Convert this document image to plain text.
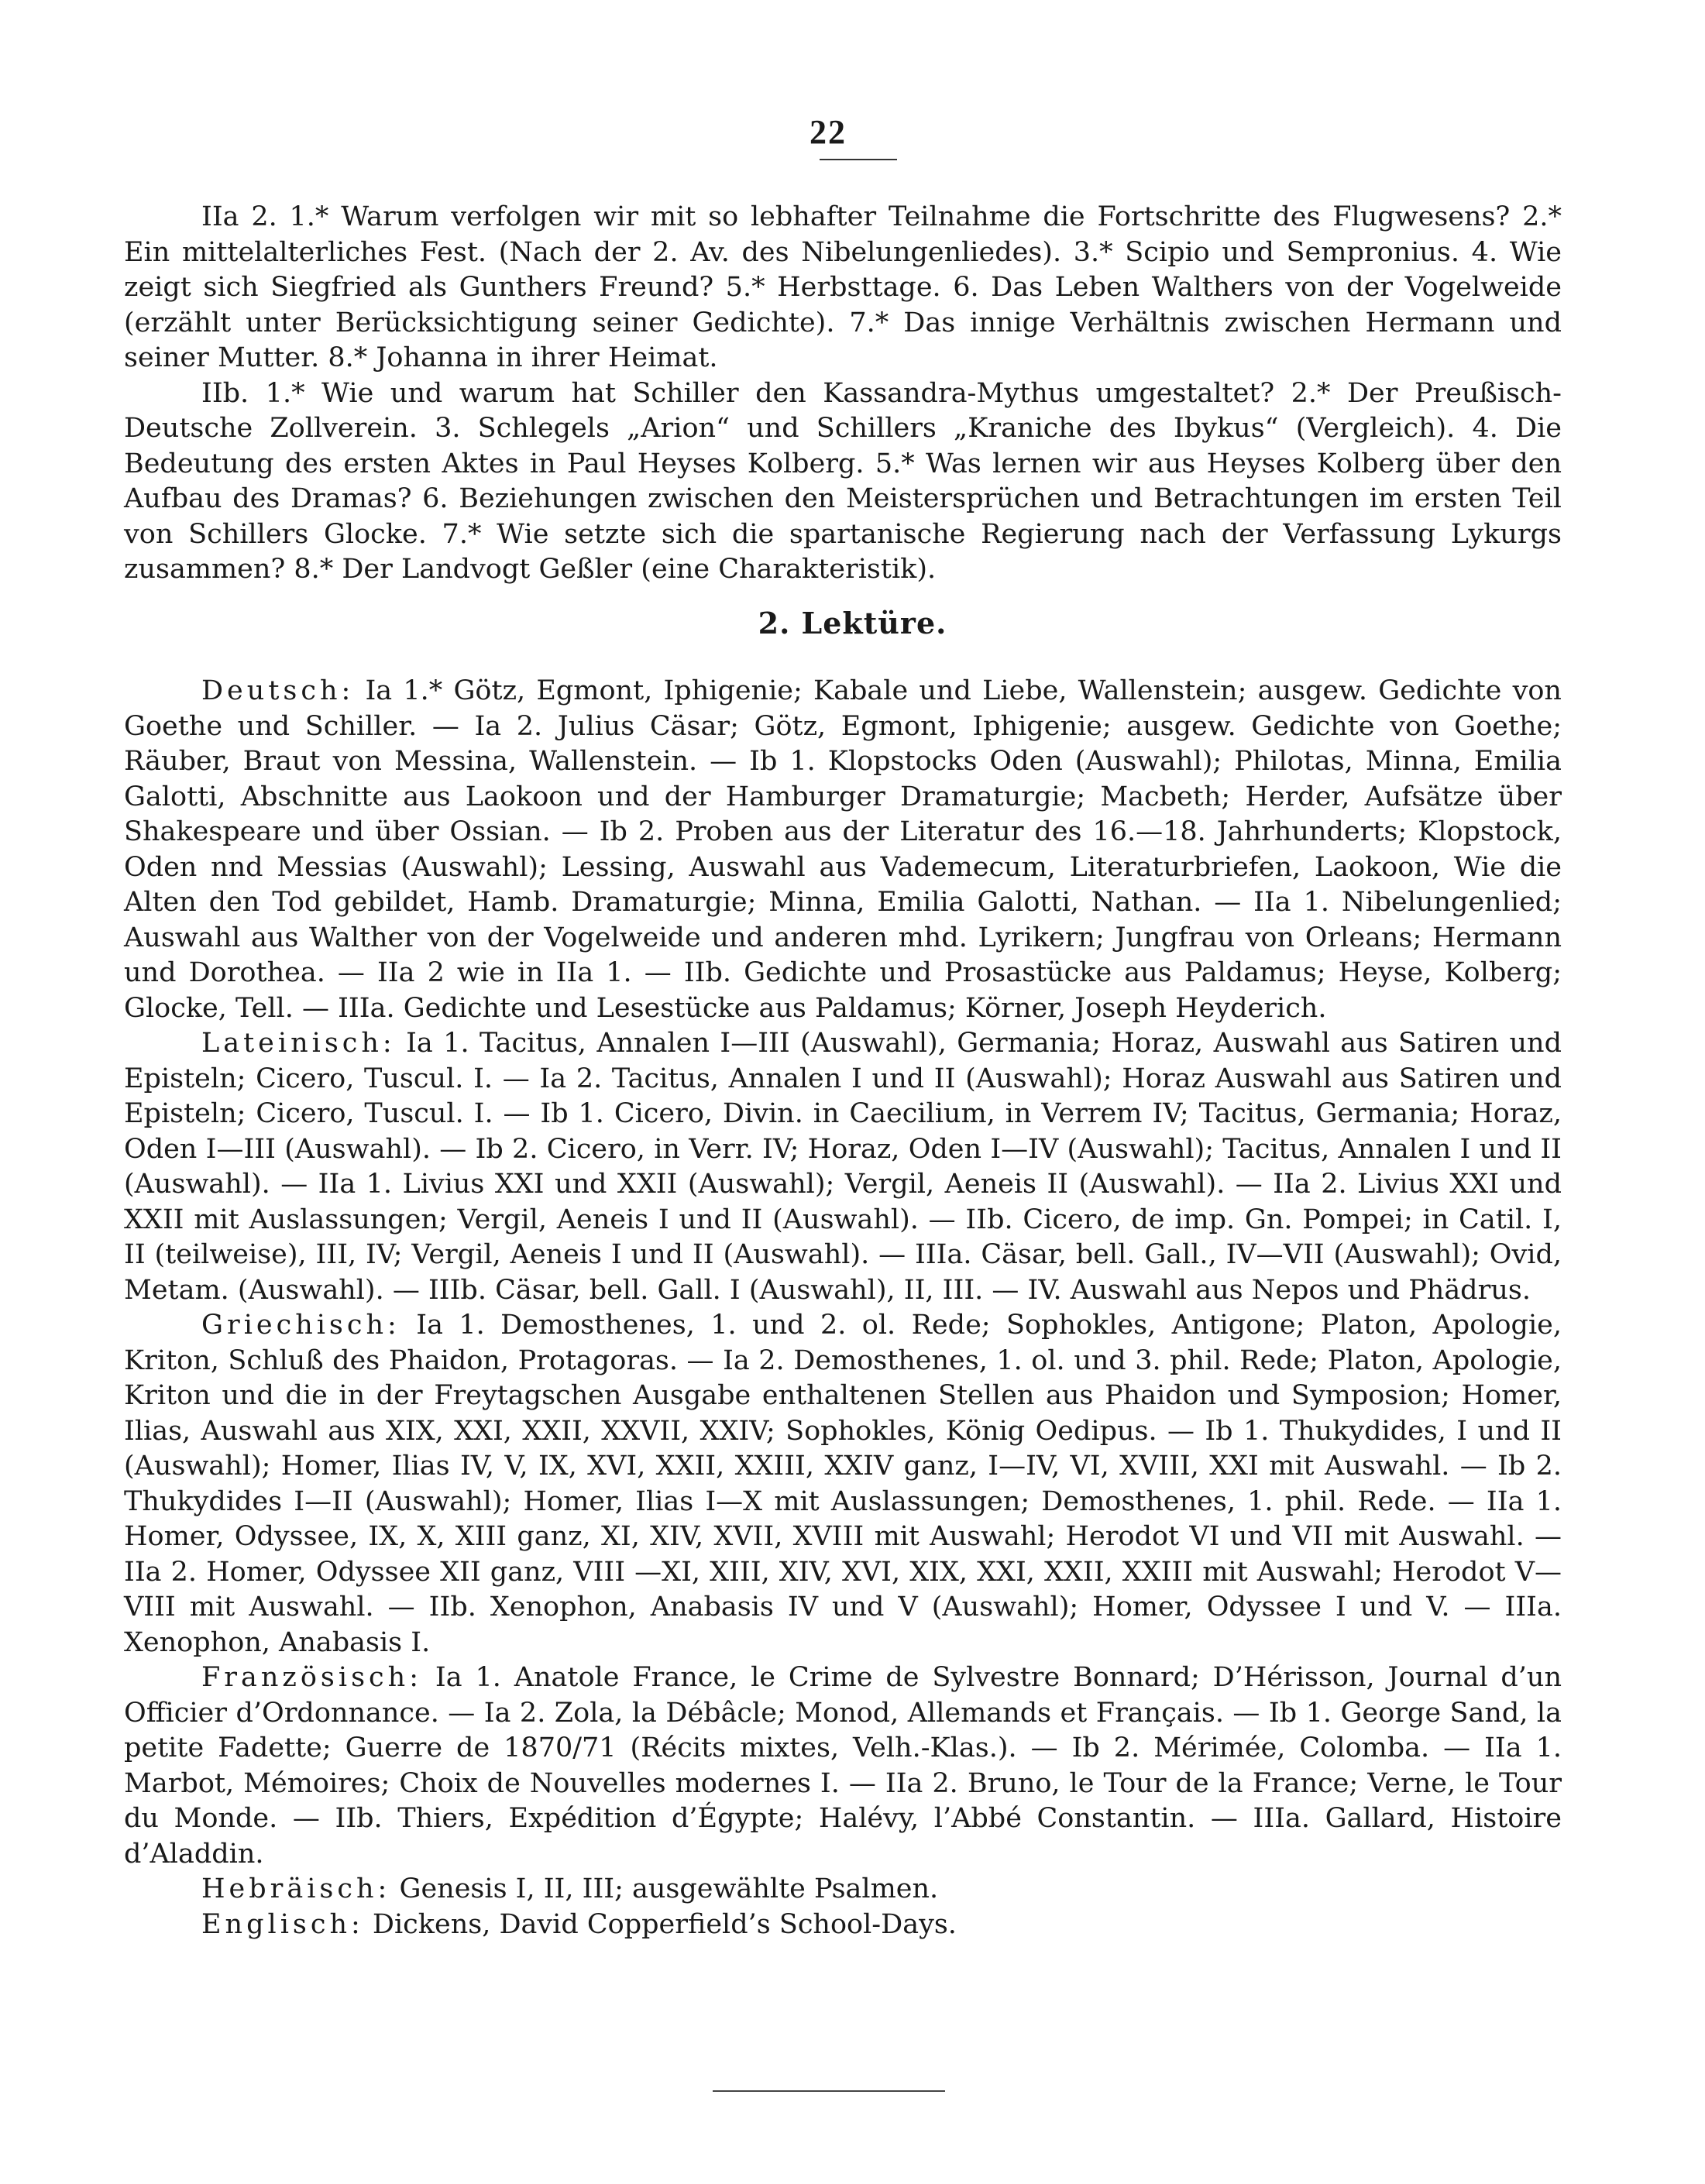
22

IIa 2. 1.* Warum verfolgen wir mit so lebhafter Teilnahme die Fortschritte des Flugwesens? 2.* Ein mittelalterliches Fest. (Nach der 2. Av. des Nibelungenliedes). 3.* Scipio und Sempronius. 4. Wie zeigt sich Siegfried als Gunthers Freund? 5.* Herbsttage. 6. Das Leben Walthers von der Vogelweide (erzählt unter Berücksichtigung seiner Gedichte). 7.* Das innige Verhältnis zwischen Hermann und seiner Mutter. 8.* Johanna in ihrer Heimat.

IIb. 1.* Wie und warum hat Schiller den Kassandra-Mythus umgestaltet? 2.* Der Preußisch-Deutsche Zollverein. 3. Schlegels „Arion“ und Schillers „Kraniche des Ibykus“ (Vergleich). 4. Die Bedeutung des ersten Aktes in Paul Heyses Kolberg. 5.* Was lernen wir aus Heyses Kolberg über den Aufbau des Dramas? 6. Beziehungen zwischen den Meistersprüchen und Betrachtungen im ersten Teil von Schillers Glocke. 7.* Wie setzte sich die spartanische Regierung nach der Verfassung Lykurgs zusammen? 8.* Der Landvogt Geßler (eine Charakteristik).

2. Lektüre.

Deutsch: Ia 1.* Götz, Egmont, Iphigenie; Kabale und Liebe, Wallenstein; ausgew. Gedichte von Goethe und Schiller. — Ia 2. Julius Cäsar; Götz, Egmont, Iphigenie; ausgew. Gedichte von Goethe; Räuber, Braut von Messina, Wallenstein. — Ib 1. Klopstocks Oden (Auswahl); Philotas, Minna, Emilia Galotti, Abschnitte aus Laokoon und der Hamburger Dramaturgie; Macbeth; Herder, Aufsätze über Shakespeare und über Ossian. — Ib 2. Proben aus der Literatur des 16.—18. Jahrhunderts; Klopstock, Oden nnd Messias (Auswahl); Lessing, Auswahl aus Vademecum, Literaturbriefen, Laokoon, Wie die Alten den Tod gebildet, Hamb. Dramaturgie; Minna, Emilia Galotti, Nathan. — IIa 1. Nibelungenlied; Auswahl aus Walther von der Vogelweide und anderen mhd. Lyrikern; Jungfrau von Orleans; Hermann und Dorothea. — IIa 2 wie in IIa 1. — IIb. Gedichte und Prosastücke aus Paldamus; Heyse, Kolberg; Glocke, Tell. — IIIa. Gedichte und Lesestücke aus Paldamus; Körner, Joseph Heyderich.

Lateinisch: Ia 1. Tacitus, Annalen I—III (Auswahl), Germania; Horaz, Auswahl aus Satiren und Episteln; Cicero, Tuscul. I. — Ia 2. Tacitus, Annalen I und II (Auswahl); Horaz Auswahl aus Satiren und Episteln; Cicero, Tuscul. I. — Ib 1. Cicero, Divin. in Caecilium, in Verrem IV; Tacitus, Germania; Horaz, Oden I—III (Auswahl). — Ib 2. Cicero, in Verr. IV; Horaz, Oden I—IV (Auswahl); Tacitus, Annalen I und II (Auswahl). — IIa 1. Livius XXI und XXII (Auswahl); Vergil, Aeneis II (Auswahl). — IIa 2. Livius XXI und XXII mit Auslassungen; Vergil, Aeneis I und II (Auswahl). — IIb. Cicero, de imp. Gn. Pompei; in Catil. I, II (teilweise), III, IV; Vergil, Aeneis I und II (Auswahl). — IIIa. Cäsar, bell. Gall., IV—VII (Auswahl); Ovid, Metam. (Auswahl). — IIIb. Cäsar, bell. Gall. I (Auswahl), II, III. — IV. Auswahl aus Nepos und Phädrus.

Griechisch: Ia 1. Demosthenes, 1. und 2. ol. Rede; Sophokles, Antigone; Platon, Apologie, Kriton, Schluß des Phaidon, Protagoras. — Ia 2. Demosthenes, 1. ol. und 3. phil. Rede; Platon, Apologie, Kriton und die in der Freytagschen Ausgabe enthaltenen Stellen aus Phaidon und Symposion; Homer, Ilias, Auswahl aus XIX, XXI, XXII, XXVII, XXIV; Sophokles, König Oedipus. — Ib 1. Thukydides, I und II (Auswahl); Homer, Ilias IV, V, IX, XVI, XXII, XXIII, XXIV ganz, I—IV, VI, XVIII, XXI mit Auswahl. — Ib 2. Thukydides I—II (Auswahl); Homer, Ilias I—X mit Auslassungen; Demosthenes, 1. phil. Rede. — IIa 1. Homer, Odyssee, IX, X, XIII ganz, XI, XIV, XVII, XVIII mit Auswahl; Herodot VI und VII mit Auswahl. — IIa 2. Homer, Odyssee XII ganz, VIII —XI, XIII, XIV, XVI, XIX, XXI, XXII, XXIII mit Auswahl; Herodot V—VIII mit Auswahl. — IIb. Xenophon, Anabasis IV und V (Auswahl); Homer, Odyssee I und V. — IIIa. Xenophon, Anabasis I.

Französisch: Ia 1. Anatole France, le Crime de Sylvestre Bonnard; D’Hérisson, Journal d’un Officier d’Ordonnance. — Ia 2. Zola, la Débâcle; Monod, Allemands et Français. — Ib 1. George Sand, la petite Fadette; Guerre de 1870/71 (Récits mixtes, Velh.-Klas.). — Ib 2. Mérimée, Colomba. — IIa 1. Marbot, Mémoires; Choix de Nouvelles modernes I. — IIa 2. Bruno, le Tour de la France; Verne, le Tour du Monde. — IIb. Thiers, Expédition d’Égypte; Halévy, l’Abbé Constantin. — IIIa. Gallard, Histoire d’Aladdin.

Hebräisch: Genesis I, II, III; ausgewählte Psalmen.

Englisch: Dickens, David Copperfield’s School-Days.
